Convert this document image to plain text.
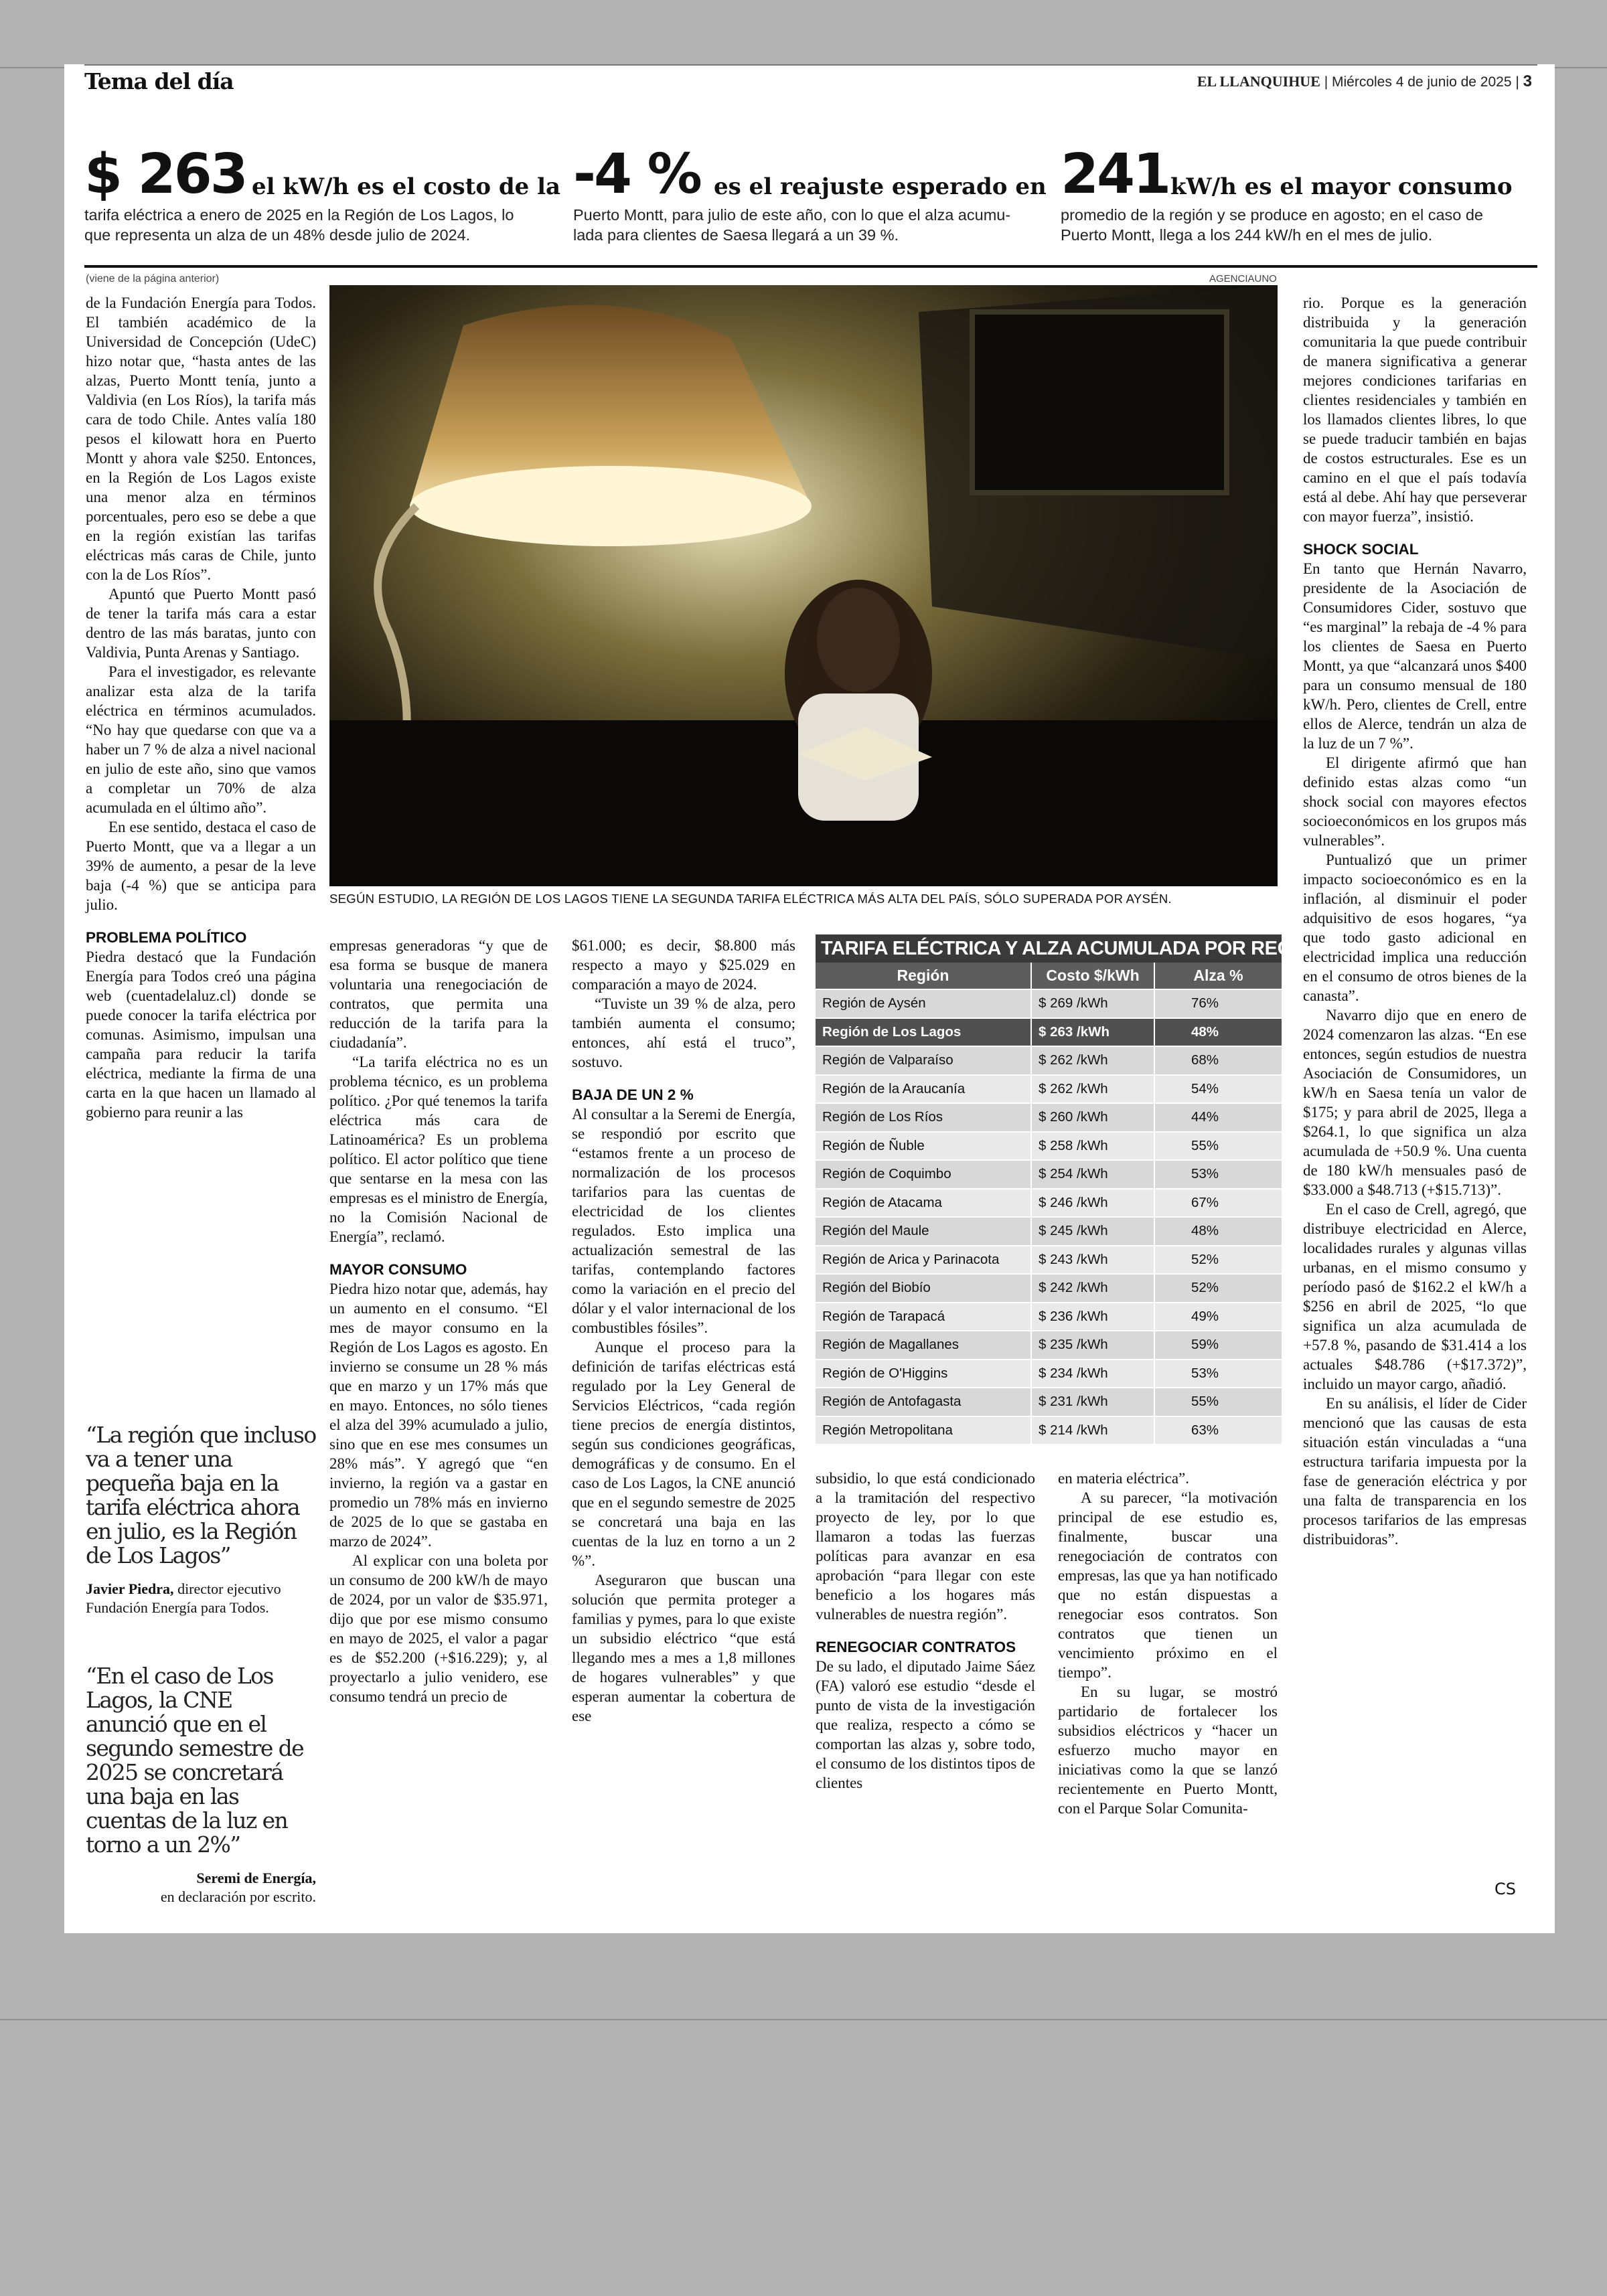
Tema del día	EL LLANQUIHUE | Miércoles 4 de junio de 2025 | 3
$ 263 el kW/h es el costo de la
tarifa eléctrica a enero de 2025 en la Región de Los Lagos, lo
que representa un alza de un 48% desde julio de 2024.
-4 % es el reajuste esperado en
Puerto Montt, para julio de este año, con lo que el alza acumu-
lada para clientes de Saesa llegará a un 39 %.
241 kW/h es el mayor consumo
promedio de la región y se produce en agosto; en el caso de
Puerto Montt, llega a los 244 kW/h en el mes de julio.
(viene de la página anterior)	AGENCIAUNO

de la Fundación Energía para Todos. El también académico de la Universidad de Concepción (UdeC) hizo notar que, “hasta antes de las alzas, Puerto Montt tenía, junto a Valdivia (en Los Ríos), la tarifa más cara de todo Chile. Antes valía 180 pesos el kilowatt hora en Puerto Montt y ahora vale $250. Entonces, en la Región de Los Lagos existe una menor alza en términos porcentuales, pero eso se debe a que en la región existían las tarifas eléctricas más caras de Chile, junto con la de Los Ríos”.

Apuntó que Puerto Montt pasó de tener la tarifa más cara a estar dentro de las más baratas, junto con Valdivia, Punta Arenas y Santiago.

Para el investigador, es relevante analizar esta alza de la tarifa eléctrica en términos acumulados. “No hay que quedarse con que va a haber un 7 % de alza a nivel nacional en julio de este año, sino que vamos a completar un 70% de alza acumulada en el último año”.

En ese sentido, destaca el caso de Puerto Montt, que va a llegar a un 39% de aumento, a pesar de la leve baja (-4 %) que se anticipa para julio.

PROBLEMA POLÍTICO

Piedra destacó que la Fundación Energía para Todos creó una página web (cuentadelaluz.cl) donde se puede conocer la tarifa eléctrica por comunas. Asimismo, impulsan una campaña para reducir la tarifa eléctrica, mediante la firma de una carta en la que hacen un llamado al gobierno para reunir a las

“La región que incluso va a tener una pequeña baja en la tarifa eléctrica ahora en julio, es la Región de Los Lagos”
Javier Piedra, director ejecutivo Fundación Energía para Todos.
“En el caso de Los Lagos, la CNE anunció que en el segundo semestre de 2025 se concretará una baja en las cuentas de la luz en torno a un 2%”
Seremi de Energía,
en declaración por escrito.
SEGÚN ESTUDIO, LA REGIÓN DE LOS LAGOS TIENE LA SEGUNDA TARIFA ELÉCTRICA MÁS ALTA DEL PAÍS, SÓLO SUPERADA POR AYSÉN.

empresas generadoras “y que de esa forma se busque de manera voluntaria una renegociación de contratos, que permita una reducción de la tarifa para la ciudadanía”.

“La tarifa eléctrica no es un problema técnico, es un problema político. ¿Por qué tenemos la tarifa eléctrica más cara de Latinoamérica? Es un problema político. El actor político que tiene que sentarse en la mesa con las empresas es el ministro de Energía, no la Comisión Nacional de Energía”, reclamó.

MAYOR CONSUMO

Piedra hizo notar que, además, hay un aumento en el consumo. “El mes de mayor consumo en la Región de Los Lagos es agosto. En invierno se consume un 28 % más que en marzo y un 17% más que en mayo. Entonces, no sólo tienes el alza del 39% acumulado a julio, sino que en ese mes consumes un 28% más”. Y agregó que “en invierno, la región va a gastar en promedio un 78% más en invierno de 2025 de lo que se gastaba en marzo de 2024”.

Al explicar con una boleta por un consumo de 200 kW/h de mayo de 2024, por un valor de $35.971, dijo que por ese mismo consumo en mayo de 2025, el valor a pagar es de $52.200 (+$16.229); y, al proyectarlo a julio venidero, ese consumo tendrá un precio de

$61.000; es decir, $8.800 más respecto a mayo y $25.029 en comparación a mayo de 2024.

“Tuviste un 39 % de alza, pero también aumenta el consumo; entonces, ahí está el truco”, sostuvo.

BAJA DE UN 2 %

Al consultar a la Seremi de Energía, se respondió por escrito que “estamos frente a un proceso de normalización de los procesos tarifarios para las cuentas de electricidad de los clientes regulados. Esto implica una actualización semestral de las tarifas, contemplando factores como la variación en el precio del dólar y el valor internacional de los combustibles fósiles”.

Aunque el proceso para la definición de tarifas eléctricas está regulado por la Ley General de Servicios Eléctricos, “cada región tiene precios de energía distintos, según sus condiciones geográficas, demográficas y de consumo. En el caso de Los Lagos, la CNE anunció que en el segundo semestre de 2025 se concretará una baja en las cuentas de la luz en torno a un 2 %”.

Aseguraron que buscan una solución que permita proteger a familias y pymes, para lo que existe un subsidio eléctrico “que está llegando mes a mes a 1,8 millones de hogares vulnerables” y que esperan aumentar la cobertura de ese

TARIFA ELÉCTRICA Y ALZA ACUMULADA POR REGIÓN
Región	Costo $/kWh	Alza %
Región de Aysén	$ 269 /kWh	76%
Región de Los Lagos	$ 263 /kWh	48%
Región de Valparaíso	$ 262 /kWh	68%
Región de la Araucanía	$ 262 /kWh	54%
Región de Los Ríos	$ 260 /kWh	44%
Región de Ñuble	$ 258 /kWh	55%
Región de Coquimbo	$ 254 /kWh	53%
Región de Atacama	$ 246 /kWh	67%
Región del Maule	$ 245 /kWh	48%
Región de Arica y Parinacota	$ 243 /kWh	52%
Región del Biobío	$ 242 /kWh	52%
Región de Tarapacá	$ 236 /kWh	49%
Región de Magallanes	$ 235 /kWh	59%
Región de O'Higgins	$ 234 /kWh	53%
Región de Antofagasta	$ 231 /kWh	55%
Región Metropolitana	$ 214 /kWh	63%

subsidio, lo que está condicionado a la tramitación del respectivo proyecto de ley, por lo que llamaron a todas las fuerzas políticas para avanzar en esa aprobación “para llegar con este beneficio a los hogares más vulnerables de nuestra región”.

RENEGOCIAR CONTRATOS

De su lado, el diputado Jaime Sáez (FA) valoró ese estudio “desde el punto de vista de la investigación que realiza, respecto a cómo se comportan las alzas y, sobre todo, el consumo de los distintos tipos de clientes

en materia eléctrica”.

A su parecer, “la motivación principal de ese estudio es, finalmente, buscar una renegociación de contratos con empresas, las que ya han notificado que no están dispuestas a renegociar esos contratos. Son contratos que tienen un vencimiento próximo en el tiempo”.

En su lugar, se mostró partidario de fortalecer los subsidios eléctricos y “hacer un esfuerzo mucho mayor en iniciativas como la que se lanzó recientemente en Puerto Montt, con el Parque Solar Comunita-

rio. Porque es la generación distribuida y la generación comunitaria la que puede contribuir de manera significativa a generar mejores condiciones tarifarias en clientes residenciales y también en los llamados clientes libres, lo que se puede traducir también en bajas de costos estructurales. Ese es un camino en el que el país todavía está al debe. Ahí hay que perseverar con mayor fuerza”, insistió.

SHOCK SOCIAL

En tanto que Hernán Navarro, presidente de la Asociación de Consumidores Cider, sostuvo que “es marginal” la rebaja de -4 % para los clientes de Saesa en Puerto Montt, ya que “alcanzará unos $400 para un consumo mensual de 180 kW/h. Pero, clientes de Crell, entre ellos de Alerce, tendrán un alza de la luz de un 7 %”.

El dirigente afirmó que han definido estas alzas como “un shock social con mayores efectos socioeconómicos en los grupos más vulnerables”.

Puntualizó que un primer impacto socioeconómico es en la inflación, al disminuir el poder adquisitivo de esos hogares, “ya que todo gasto adicional en electricidad implica una reducción en el consumo de otros bienes de la canasta”.

Navarro dijo que en enero de 2024 comenzaron las alzas. “En ese entonces, según estudios de nuestra Asociación de Consumidores, un kW/h en Saesa tenía un valor de $175; y para abril de 2025, llega a $264.1, lo que significa un alza acumulada de +50.9 %. Una cuenta de 180 kW/h mensuales pasó de $33.000 a $48.713 (+$15.713)”.

En el caso de Crell, agregó, que distribuye electricidad en Alerce, localidades rurales y algunas villas urbanas, en el mismo consumo y período pasó de $162.2 el kW/h a $256 en abril de 2025, “lo que significa un alza acumulada de +57.8 %, pasando de $31.414 a los actuales $48.786 (+$17.372)”, incluido un mayor cargo, añadió.

En su análisis, el líder de Cider mencionó que las causas de esta situación están vinculadas a “una estructura tarifaria impuesta por la fase de generación eléctrica y por una falta de transparencia en los procesos tarifarios de las empresas distribuidoras”.

CS
